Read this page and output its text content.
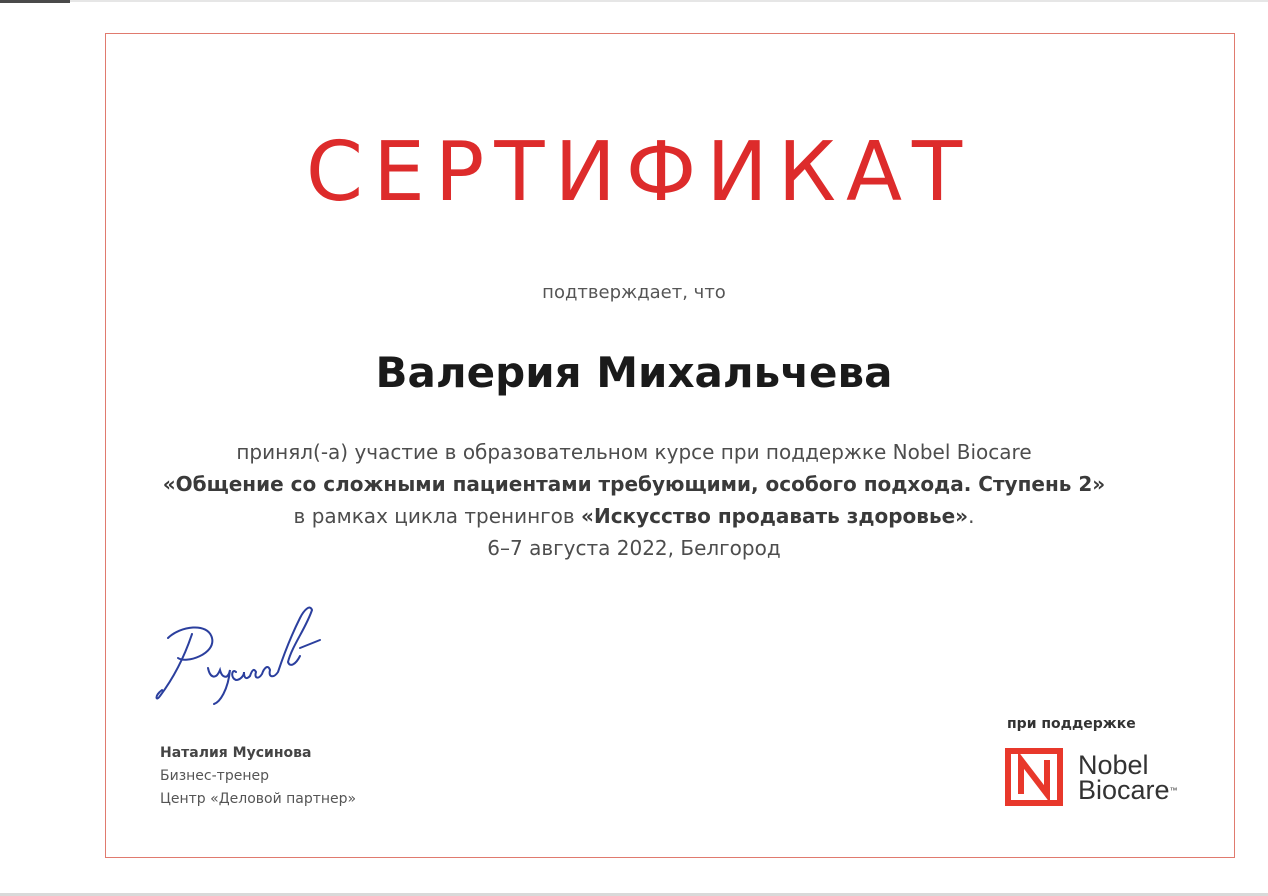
СЕРТИФИКАТ
подтверждает, что
Валерия Михальчева
принял(-а) участие в образовательном курсе при поддержке Nobel Biocare
«Общение со сложными пациентами требующими, особого подхода. Ступень 2»
в рамках цикла тренингов «Искусство продавать здоровье».
6–7 августа 2022, Белгород
Наталия Мусинова
Бизнес-тренер
Центр «Деловой партнер»
при поддержке
Nobel
Biocare™
